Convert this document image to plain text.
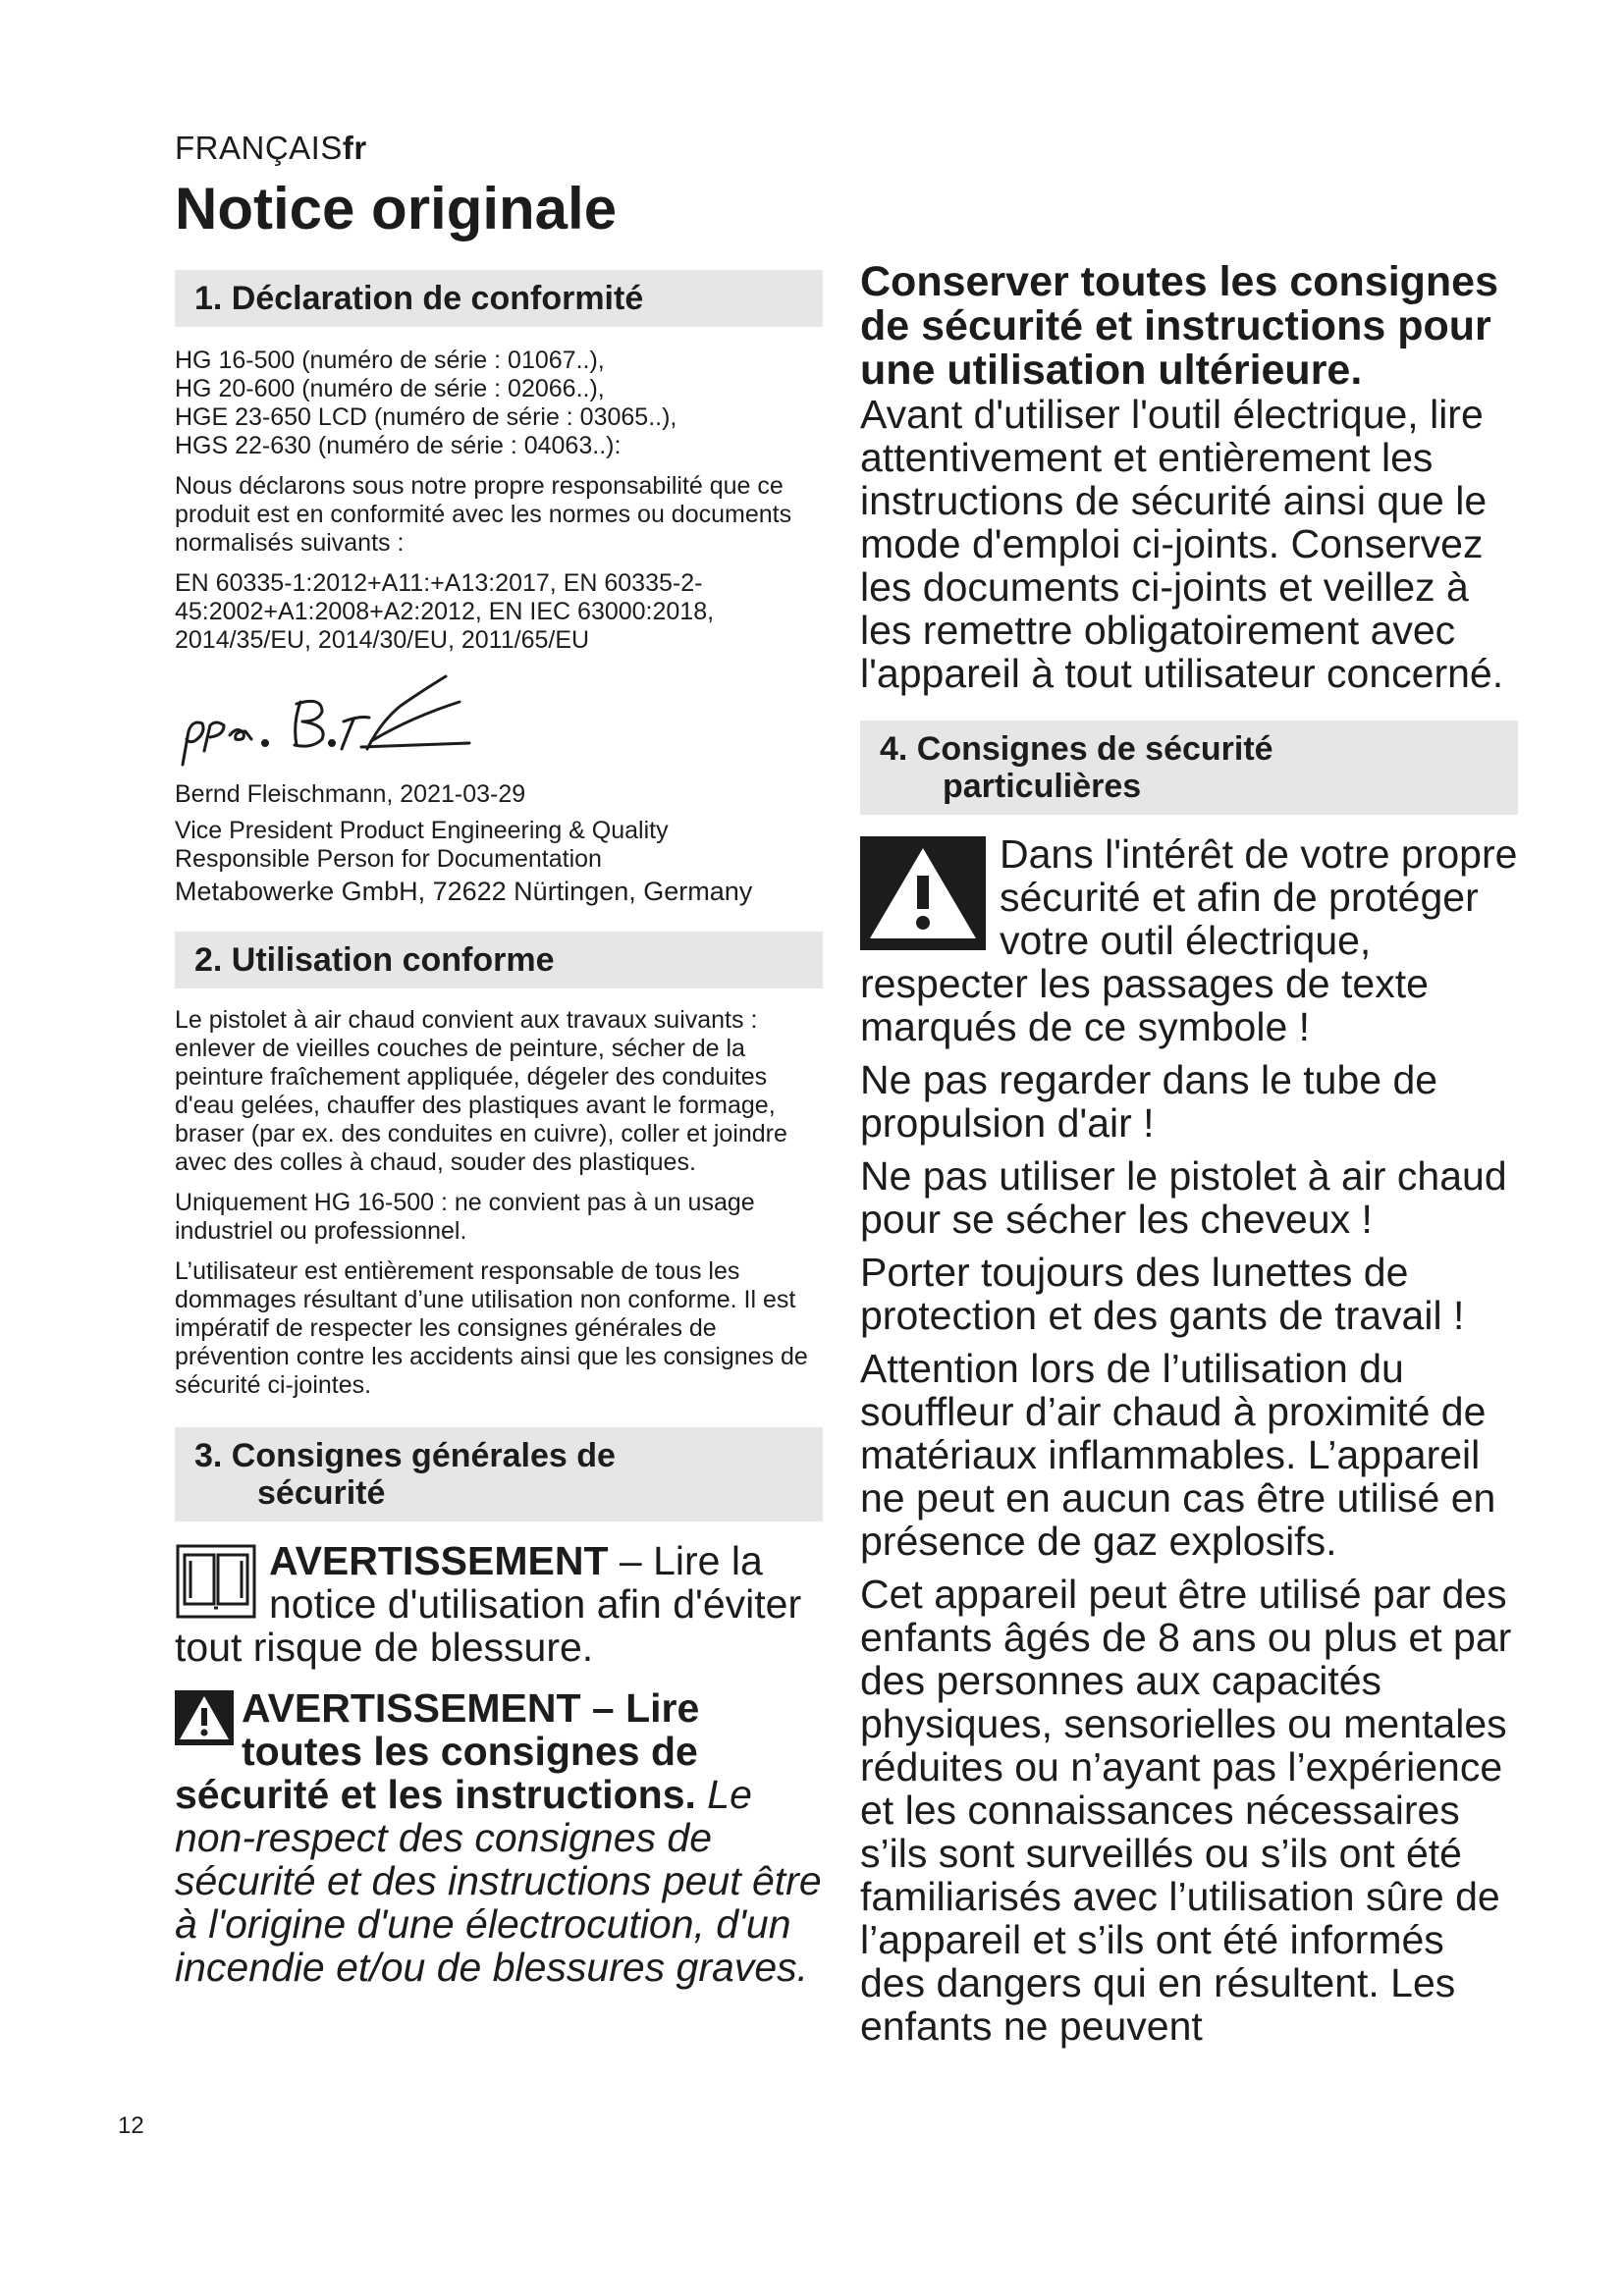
FRANÇAISfr
Notice originale
1. Déclaration de conformité

HG 16-500 (numéro de série : 01067..),

HG 20-600 (numéro de série : 02066..),

HGE 23-650 LCD (numéro de série : 03065..),

HGS 22-630 (numéro de série : 04063..):

Nous déclarons sous notre propre responsabilité que ce produit est en conformité avec les normes ou documents normalisés suivants :

EN 60335-1:2012+A11:+A13:2017, EN 60335-2-45:2002+A1:2008+A2:2012, EN IEC 63000:2018, 2014/35/EU, 2014/30/EU, 2011/65/EU

Bernd Fleischmann, 2021-03-29

Vice President Product Engineering & Quality

Responsible Person for Documentation

Metabowerke GmbH, 72622 Nürtingen, Germany

2. Utilisation conforme

Le pistolet à air chaud convient aux travaux suivants :

enlever de vieilles couches de peinture, sécher de la peinture fraîchement appliquée, dégeler des conduites d'eau gelées, chauffer des plastiques avant le formage, braser (par ex. des conduites en cuivre), coller et joindre avec des colles à chaud, souder des plastiques.

Uniquement HG 16-500 : ne convient pas à un usage industriel ou professionnel.

L’utilisateur est entièrement responsable de tous les dommages résultant d’une utilisation non conforme. Il est impératif de respecter les consignes générales de prévention contre les accidents ainsi que les consignes de sécurité ci-jointes.

3. Consignes générales de
sécurité
AVERTISSEMENT – Lire la notice d'utilisation afin d'éviter tout risque de blessure.
AVERTISSEMENT – Lire toutes les consignes de sécurité et les instructions. Le non-respect des consignes de sécurité et des instructions peut être à l'origine d'une électrocution, d'un incendie et/ou de blessures graves.

Conserver toutes les consignes de sécurité et instructions pour une utilisation ultérieure.

Avant d'utiliser l'outil électrique, lire attentivement et entièrement les instructions de sécurité ainsi que le mode d'emploi ci-joints. Conservez les documents ci-joints et veillez à les remettre obligatoirement avec l'appareil à tout utilisateur concerné.

4. Consignes de sécurité
particulières
Dans l'intérêt de votre propre sécurité et afin de protéger votre outil électrique, respecter les passages de texte marqués de ce symbole !

Ne pas regarder dans le tube de propulsion d'air !

Ne pas utiliser le pistolet à air chaud pour se sécher les cheveux !

Porter toujours des lunettes de protection et des gants de travail !

Attention lors de l’utilisation du souffleur d’air chaud à proximité de matériaux inflammables. L’appareil ne peut en aucun cas être utilisé en présence de gaz explosifs.

Cet appareil peut être utilisé par des enfants âgés de 8 ans ou plus et par des personnes aux capacités physiques, sensorielles ou mentales réduites ou n’ayant pas l’expérience et les connaissances nécessaires s’ils sont surveillés ou s’ils ont été familiarisés avec l’utilisation sûre de l’appareil et s’ils ont été informés des dangers qui en résultent. Les enfants ne peuvent

12
